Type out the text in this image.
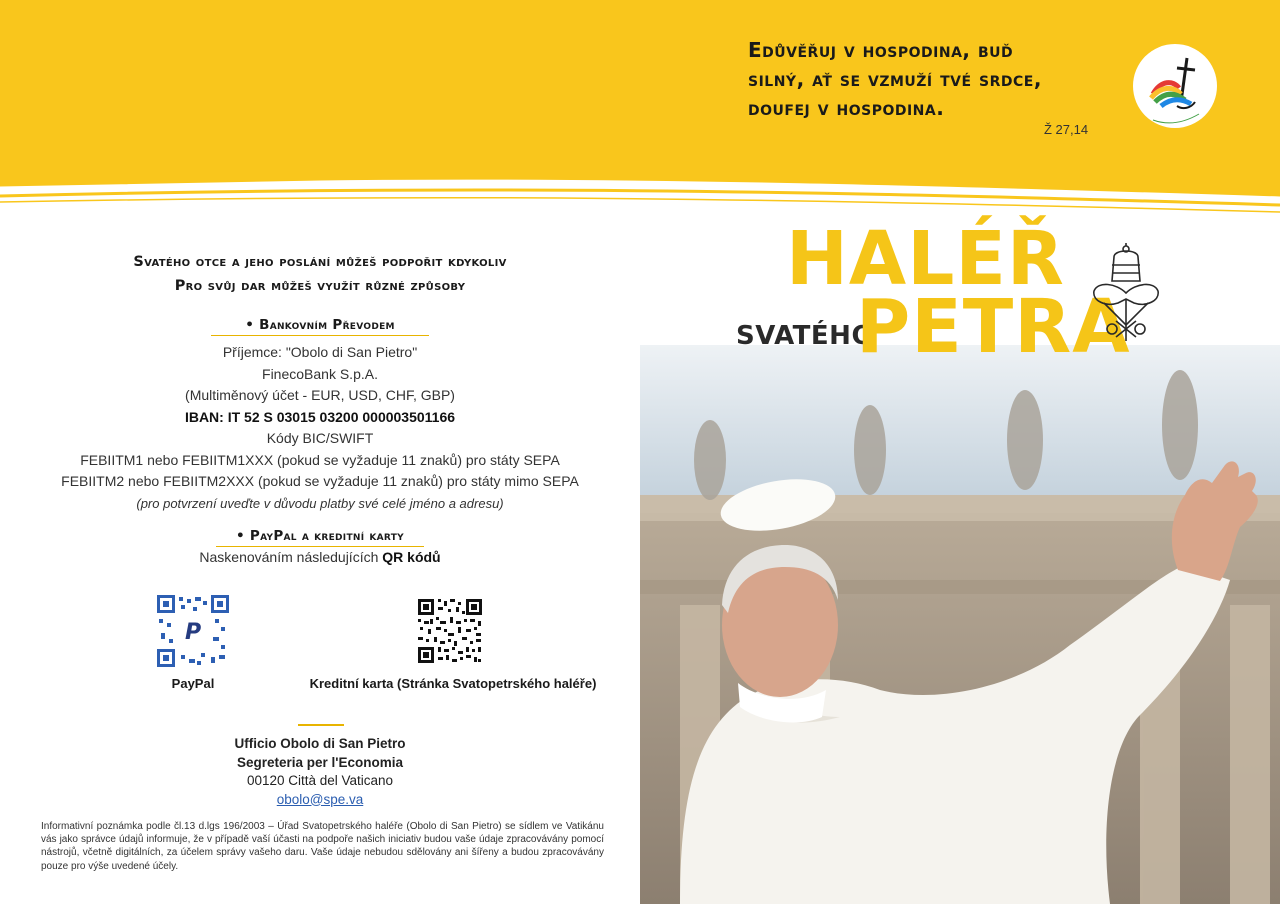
Edůvěřuj v hospodina, buď
silný, ať se vzmuží tvé srdce,
doufej v hospodina.
Ž 27,14
Svatého otce a jeho poslání můžeš podpořit kdykoliv
Pro svůj dar můžeš využít různé způsoby
• Bankovním Převodem
Příjemce: "Obolo di San Pietro"
FinecoBank S.p.A.
(Multiměnový účet - EUR, USD, CHF, GBP)
IBAN: IT 52 S 03015 03200 000003501166
Kódy BIC/SWIFT
FEBIITM1 nebo FEBIITM1XXX (pokud se vyžaduje 11 znaků) pro státy SEPA
FEBIITM2 nebo FEBIITM2XXX (pokud se vyžaduje 11 znaků) pro státy mimo SEPA
(pro potvrzení uveďte v důvodu platby své celé jméno a adresu)
• PayPal a kreditní karty
Naskenováním následujících QR kódů
P
PayPal	Kreditní karta (Stránka Svatopetrského haléře)
Ufficio Obolo di San Pietro
Segreteria per l'Economia
00120 Città del Vaticano
obolo@spe.va
Informativní poznámka podle čl.13 d.lgs 196/2003 – Úřad Svatopetrského haléře (Obolo di San Pietro) se sídlem ve Vatikánu vás jako správce údajů informuje, že v případě vaší účasti na podpoře našich iniciativ budou vaše údaje zpracovávány pomocí nástrojů, včetně digitálních, za účelem správy vašeho daru. Vaše údaje nebudou sdělovány ani šířeny a budou zpracovávány pouze pro výše uvedené účely.
HALÉŘ
SVATÉHO
PETRA
